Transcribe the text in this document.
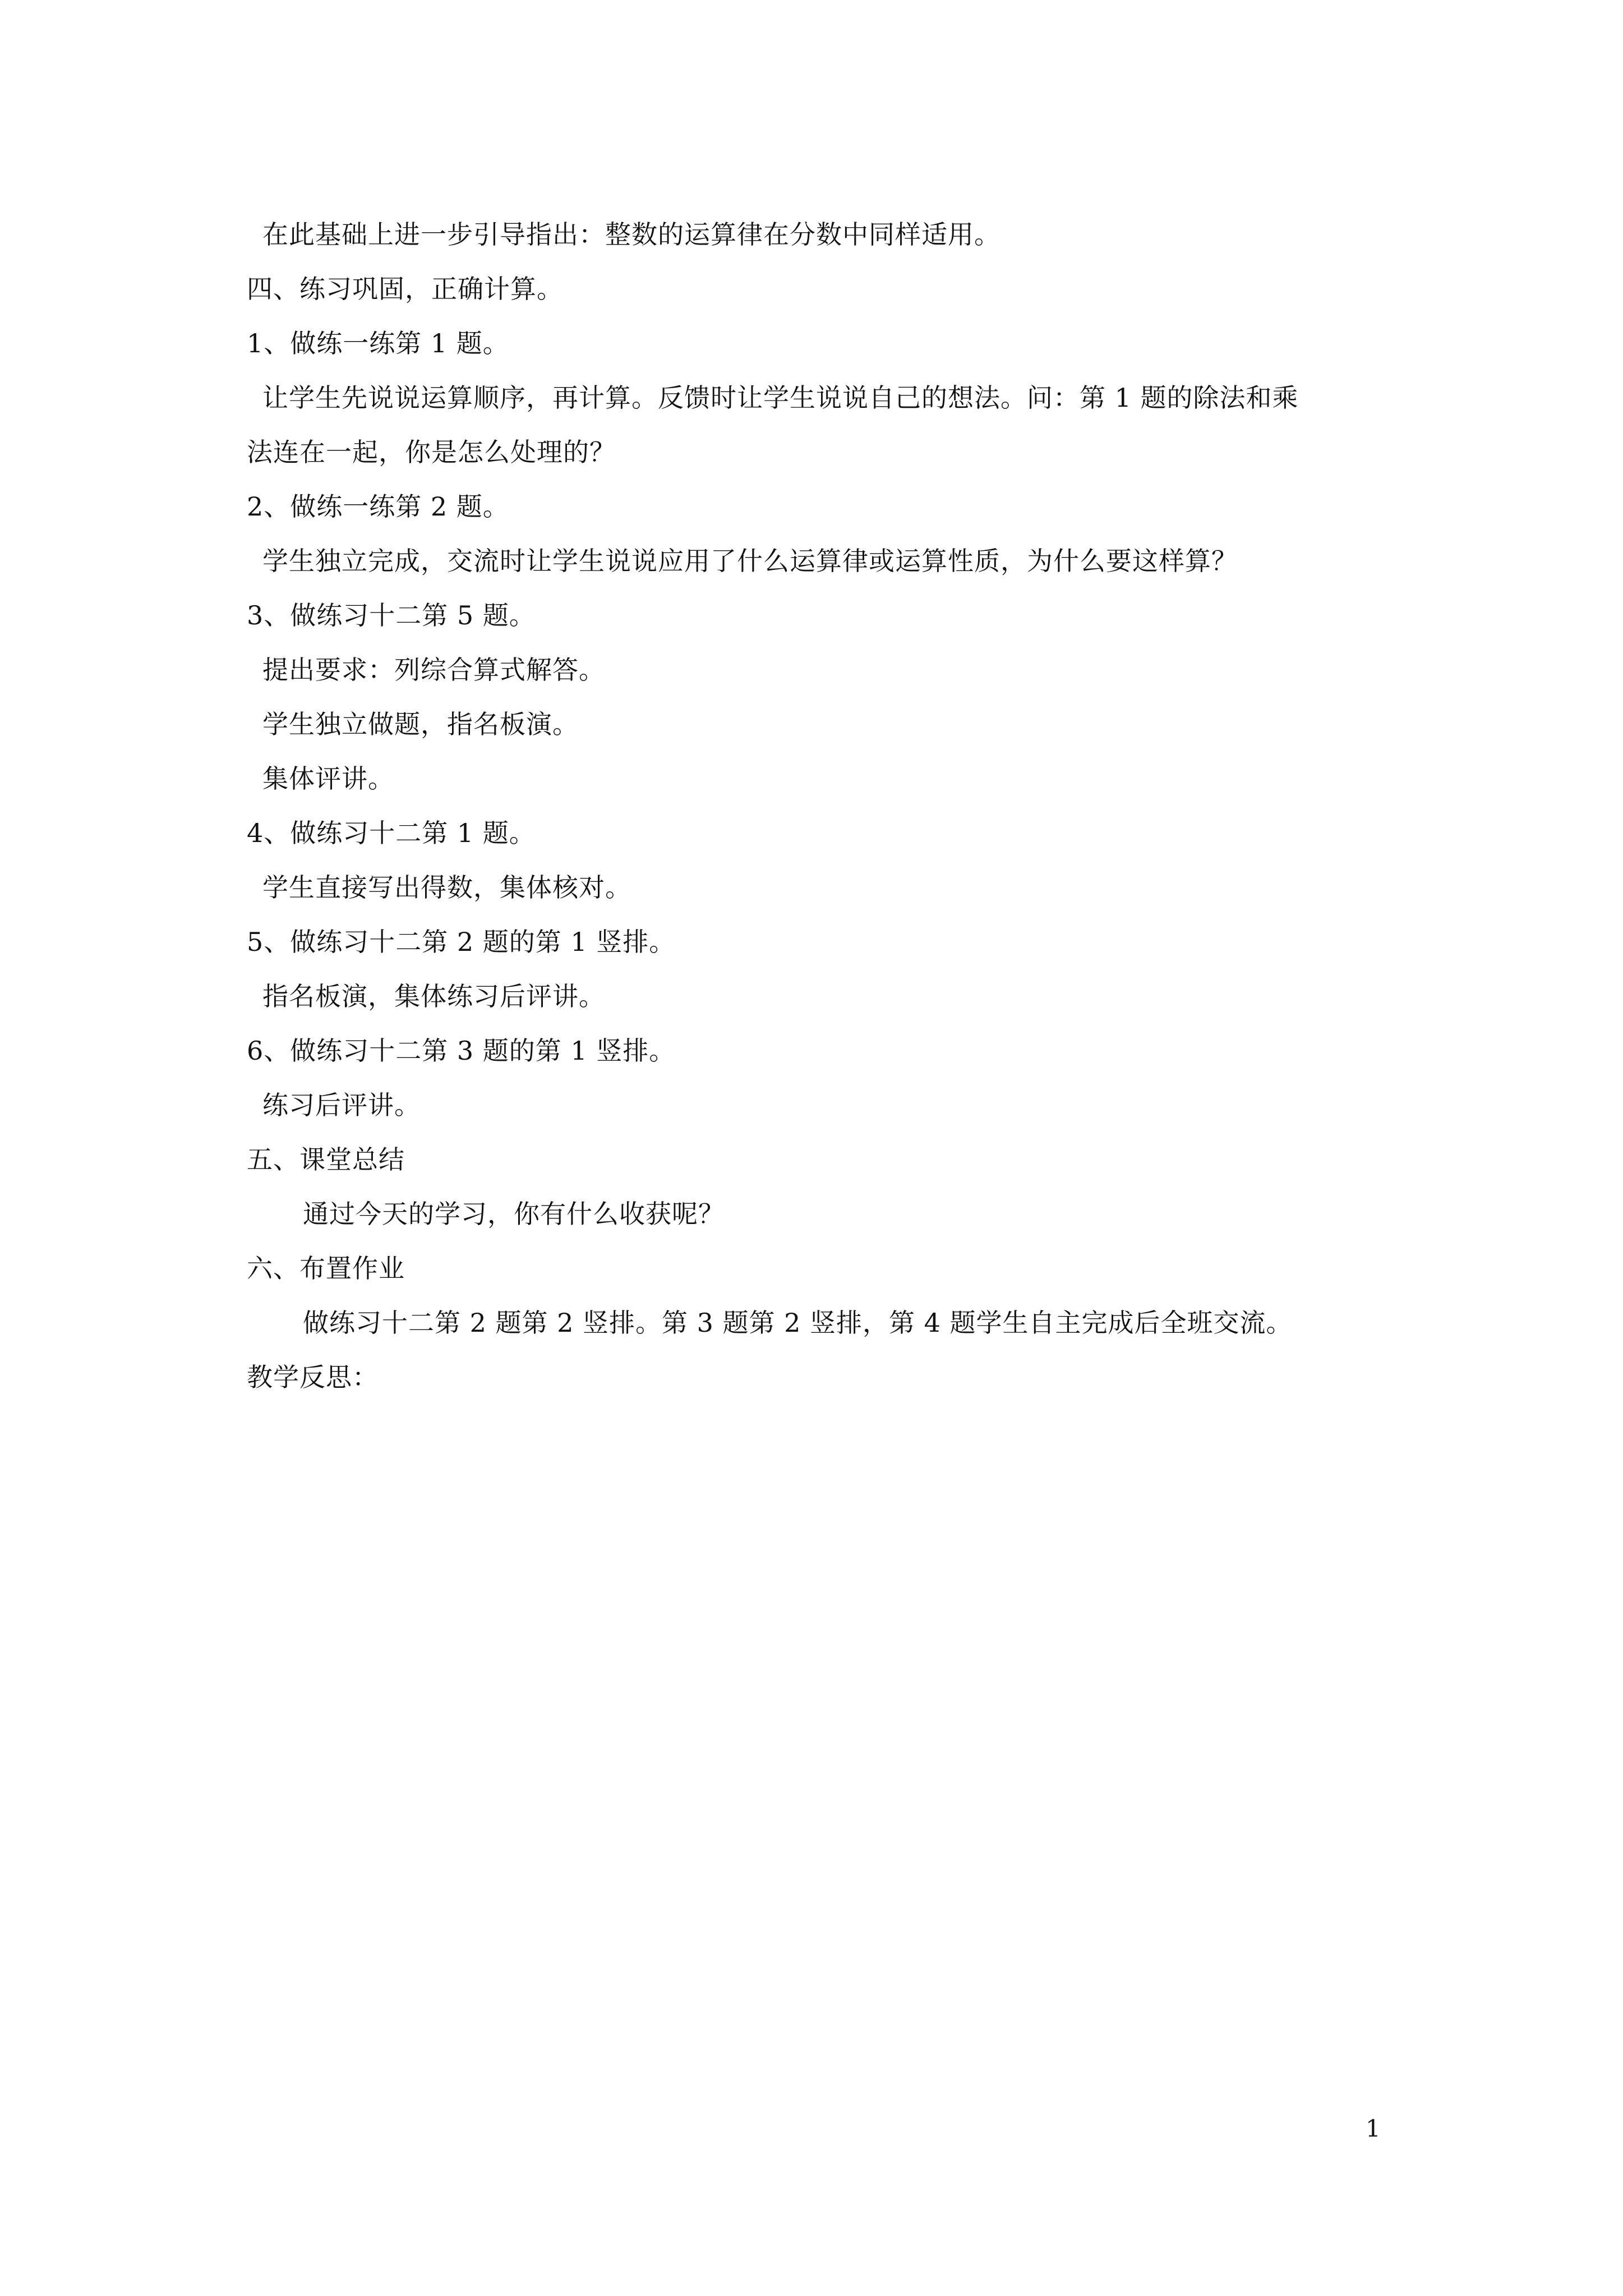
在此基础上进一步引导指出：整数的运算律在分数中同样适用。
四、练习巩固，正确计算。
1、做练一练第 1 题。
让学生先说说运算顺序，再计算。反馈时让学生说说自己的想法。问：第 1 题的除法和乘
法连在一起，你是怎么处理的？
2、做练一练第 2 题。
学生独立完成，交流时让学生说说应用了什么运算律或运算性质，为什么要这样算？
3、做练习十二第 5 题。
提出要求：列综合算式解答。
学生独立做题，指名板演。
集体评讲。
4、做练习十二第 1 题。
学生直接写出得数，集体核对。
5、做练习十二第 2 题的第 1 竖排。
指名板演，集体练习后评讲。
6、做练习十二第 3 题的第 1 竖排。
练习后评讲。
五、课堂总结
通过今天的学习，你有什么收获呢？
六、布置作业
做练习十二第 2 题第 2 竖排。第 3 题第 2 竖排，第 4 题学生自主完成后全班交流。
教学反思：
1
